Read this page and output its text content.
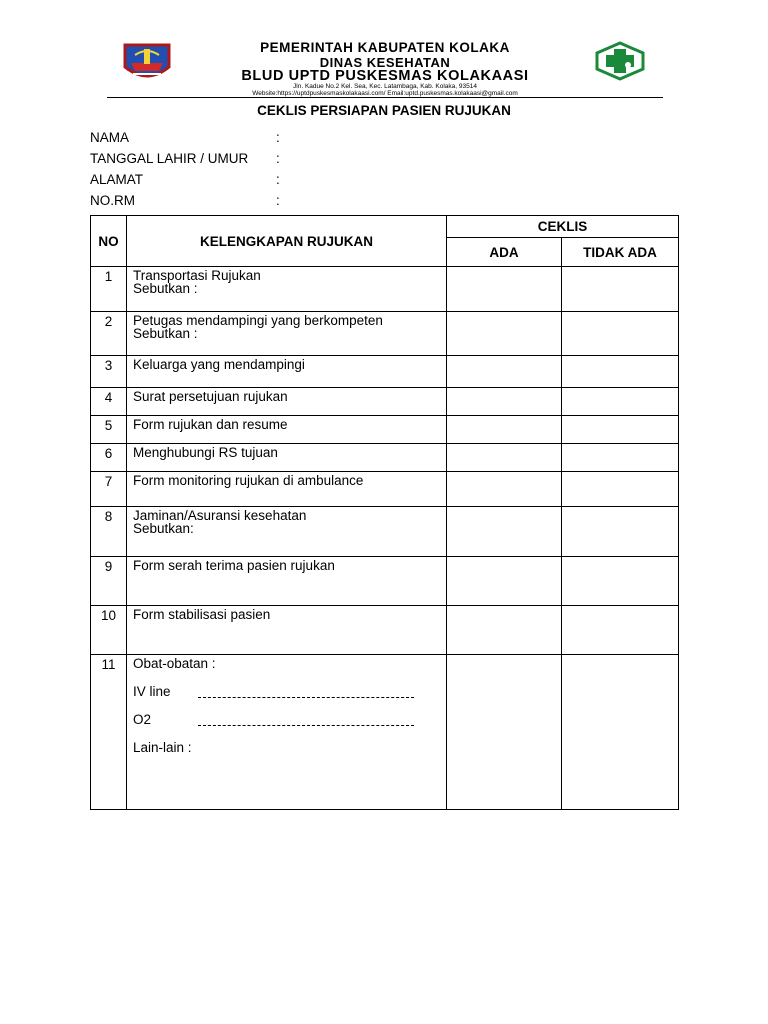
PEMERINTAH KABUPATEN KOLAKA
DINAS KESEHATAN
BLUD UPTD PUSKESMAS KOLAKAASI
Jln. Kadue No.2 Kel. Sea, Kec. Latambaga, Kab. Kolaka, 93514
Website:https://uptdpuskesmaskolakaasi.com/ Email:uptd.puskesmas.kolakaasi@gmail.com
CEKLIS PERSIAPAN PASIEN RUJUKAN
NAMA	:
TANGGAL LAHIR / UMUR :
ALAMAT	:
NO.RM	:
NO	KELENGKAPAN RUJUKAN	CEKLIS	
		ADA	TIDAK ADA
1	Transportasi Rujukan
Sebutkan :		

2	Petugas mendampingi yang berkompeten
Sebutkan :		

3	Keluarga yang mendampingi		
4	Surat persetujuan rujukan		
5	Form rujukan dan resume		
6	Menghubungi RS tujuan		
7	Form monitoring rujukan di ambulance		
8	Jaminan/Asuransi kesehatan
Sebutkan:		

9	Form serah terima pasien rujukan		
10	Form stabilisasi pasien		
11	Obat-obatan :
IV line
O2
Lain-lain :		
